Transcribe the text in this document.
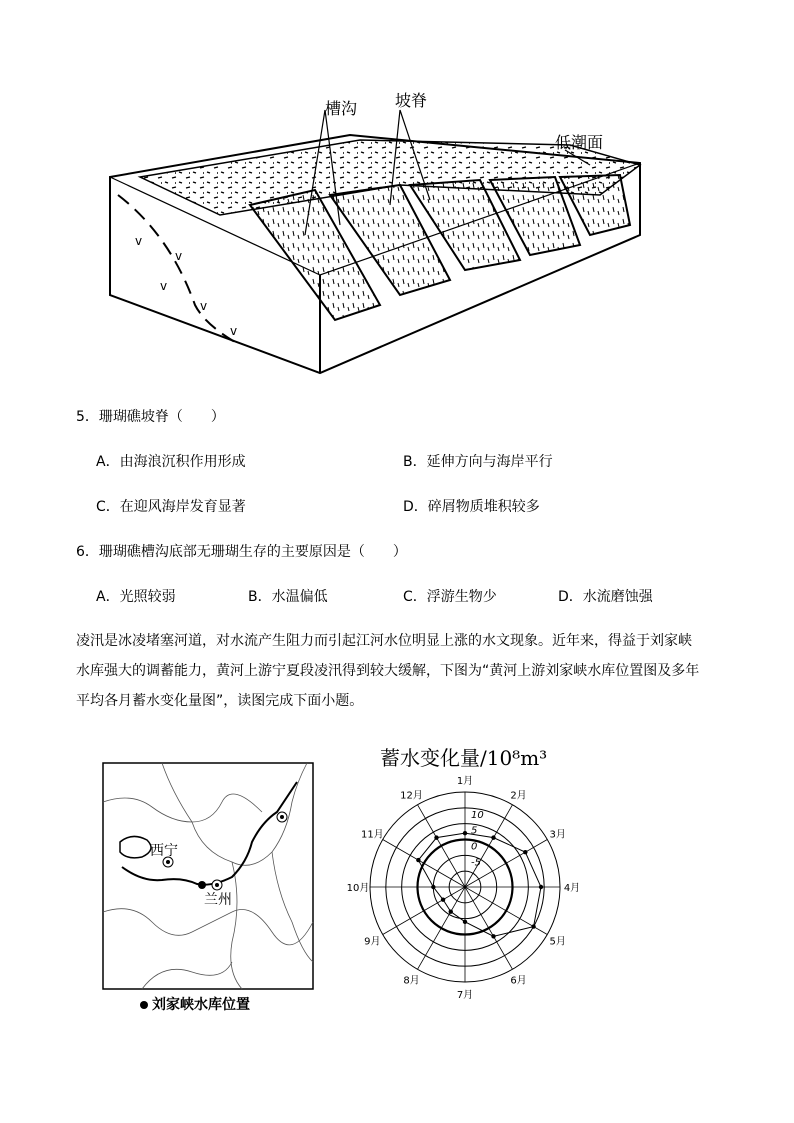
v
v
v
v
v
槽沟 坡脊
低潮面
5．珊瑚礁坡脊（　　）
A．由海浪沉积作用形成	B．延伸方向与海岸平行
C．在迎风海岸发育显著	D．碎屑物质堆积较多
6．珊瑚礁槽沟底部无珊瑚生存的主要原因是（　　）
A．光照较弱	B．水温偏低	C．浮游生物少	D．水流磨蚀强
凌汛是冰凌堵塞河道，对水流产生阻力而引起江河水位明显上涨的水文现象。近年来，得益于刘家峡
水库强大的调蓄能力，黄河上游宁夏段凌汛得到较大缓解，下图为“黄河上游刘家峡水库位置图及多年
平均各月蓄水变化量图”，读图完成下面小题。
西宁
兰州
刘家峡水库位置
蓄水变化量/10⁸m³
1月
2月
3月
4月
5月
6月
7月
8月
9月
10月
11月
12月
10
5
0
-5
